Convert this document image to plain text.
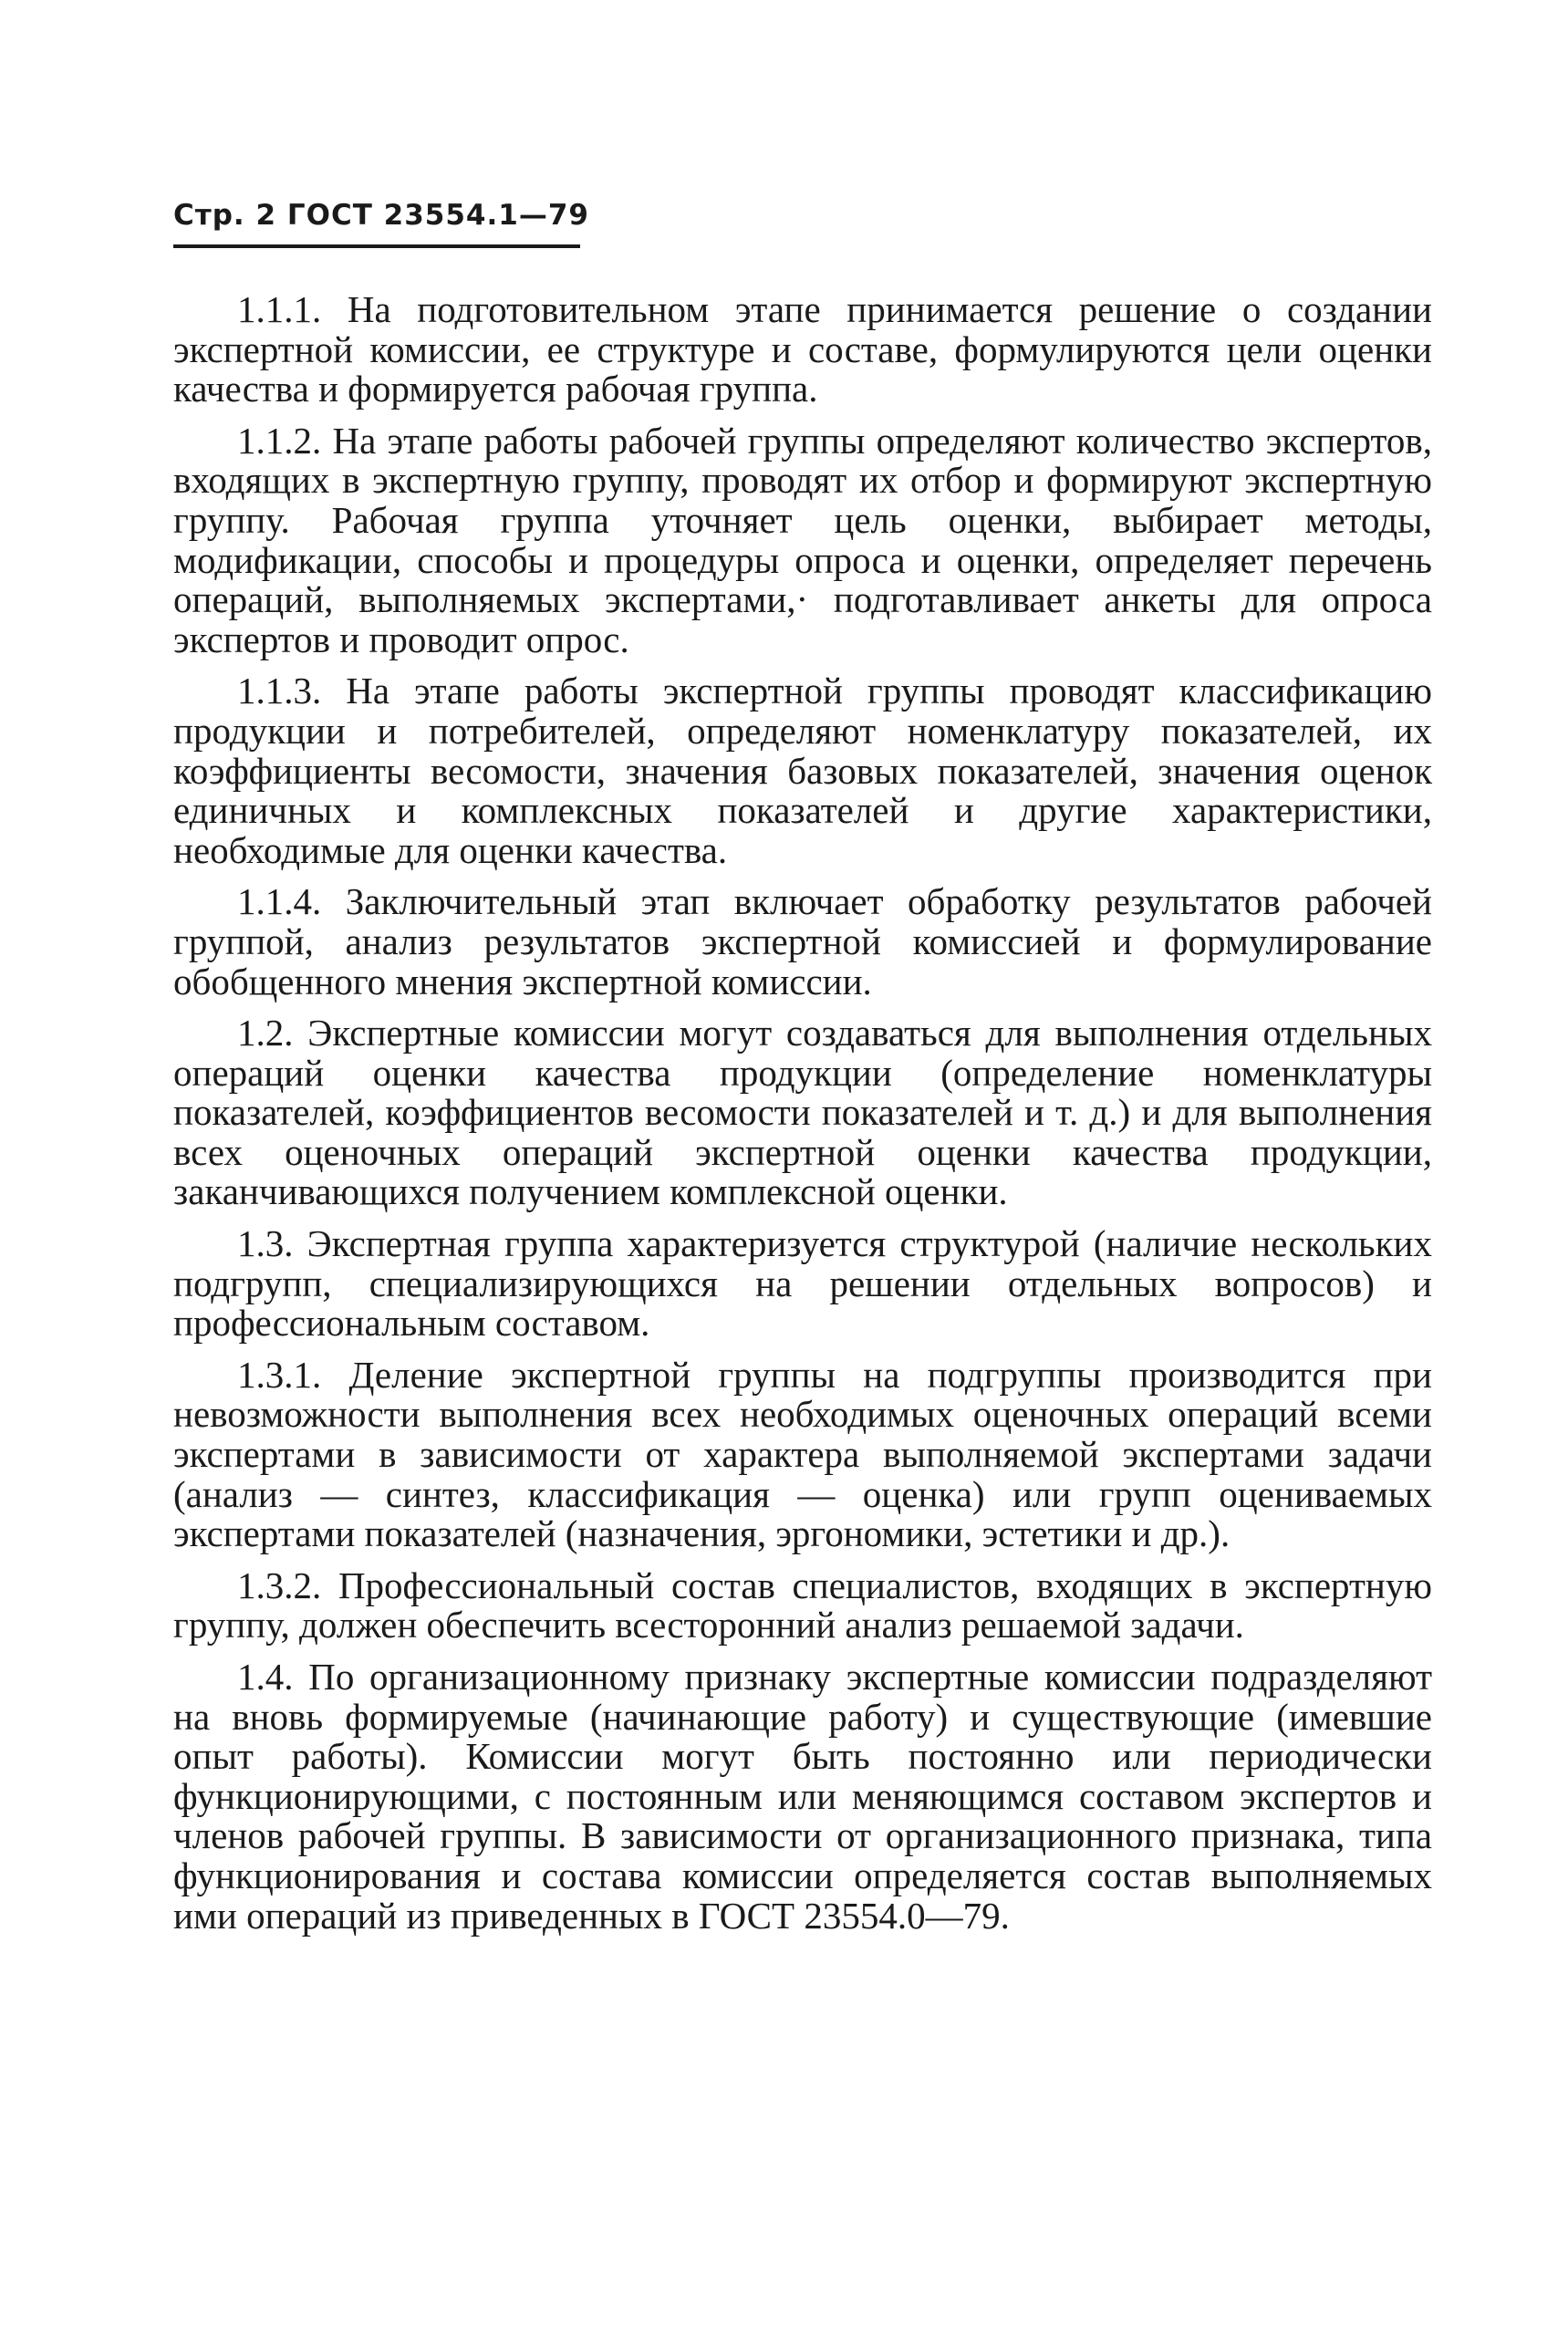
Стр. 2 ГОСТ 23554.1—79

1.1.1. На подготовительном этапе принимается решение о создании экспертной комиссии, ее структуре и составе, формулируются цели оценки качества и формируется рабочая группа.

1.1.2. На этапе работы рабочей группы определяют количество экспертов, входящих в экспертную группу, проводят их отбор и формируют экспертную группу. Рабочая группа уточняет цель оценки, выбирает методы, модификации, способы и процедуры опроса и оценки, определяет перечень операций, выполняемых экспертами,· подготавливает анкеты для опроса экспертов и проводит опрос.

1.1.3. На этапе работы экспертной группы проводят классификацию продукции и потребителей, определяют номенклатуру показателей, их коэффициенты весомости, значения базовых показателей, значения оценок единичных и комплексных показателей и другие характеристики, необходимые для оценки качества.

1.1.4. Заключительный этап включает обработку результатов рабочей группой, анализ результатов экспертной комиссией и формулирование обобщенного мнения экспертной комиссии.

1.2. Экспертные комиссии могут создаваться для выполнения отдельных операций оценки качества продукции (определение номенклатуры показателей, коэффициентов весомости показателей и т. д.) и для выполнения всех оценочных операций экспертной оценки качества продукции, заканчивающихся получением комплексной оценки.

1.3. Экспертная группа характеризуется структурой (наличие нескольких подгрупп, специализирующихся на решении отдельных вопросов) и профессиональным составом.

1.3.1. Деление экспертной группы на подгруппы производится при невозможности выполнения всех необходимых оценочных операций всеми экспертами в зависимости от характера выполняемой экспертами задачи (анализ — синтез, классификация — оценка) или групп оцениваемых экспертами показателей (назначения, эргономики, эстетики и др.).

1.3.2. Профессиональный состав специалистов, входящих в экспертную группу, должен обеспечить всесторонний анализ решаемой задачи.

1.4. По организационному признаку экспертные комиссии подразделяют на вновь формируемые (начинающие работу) и существующие (имевшие опыт работы). Комиссии могут быть постоянно или периодически функционирующими, с постоянным или меняющимся составом экспертов и членов рабочей группы. В зависимости от организационного признака, типа функционирования и состава комиссии определяется состав выполняемых ими операций из приведенных в ГОСТ 23554.0—79.
